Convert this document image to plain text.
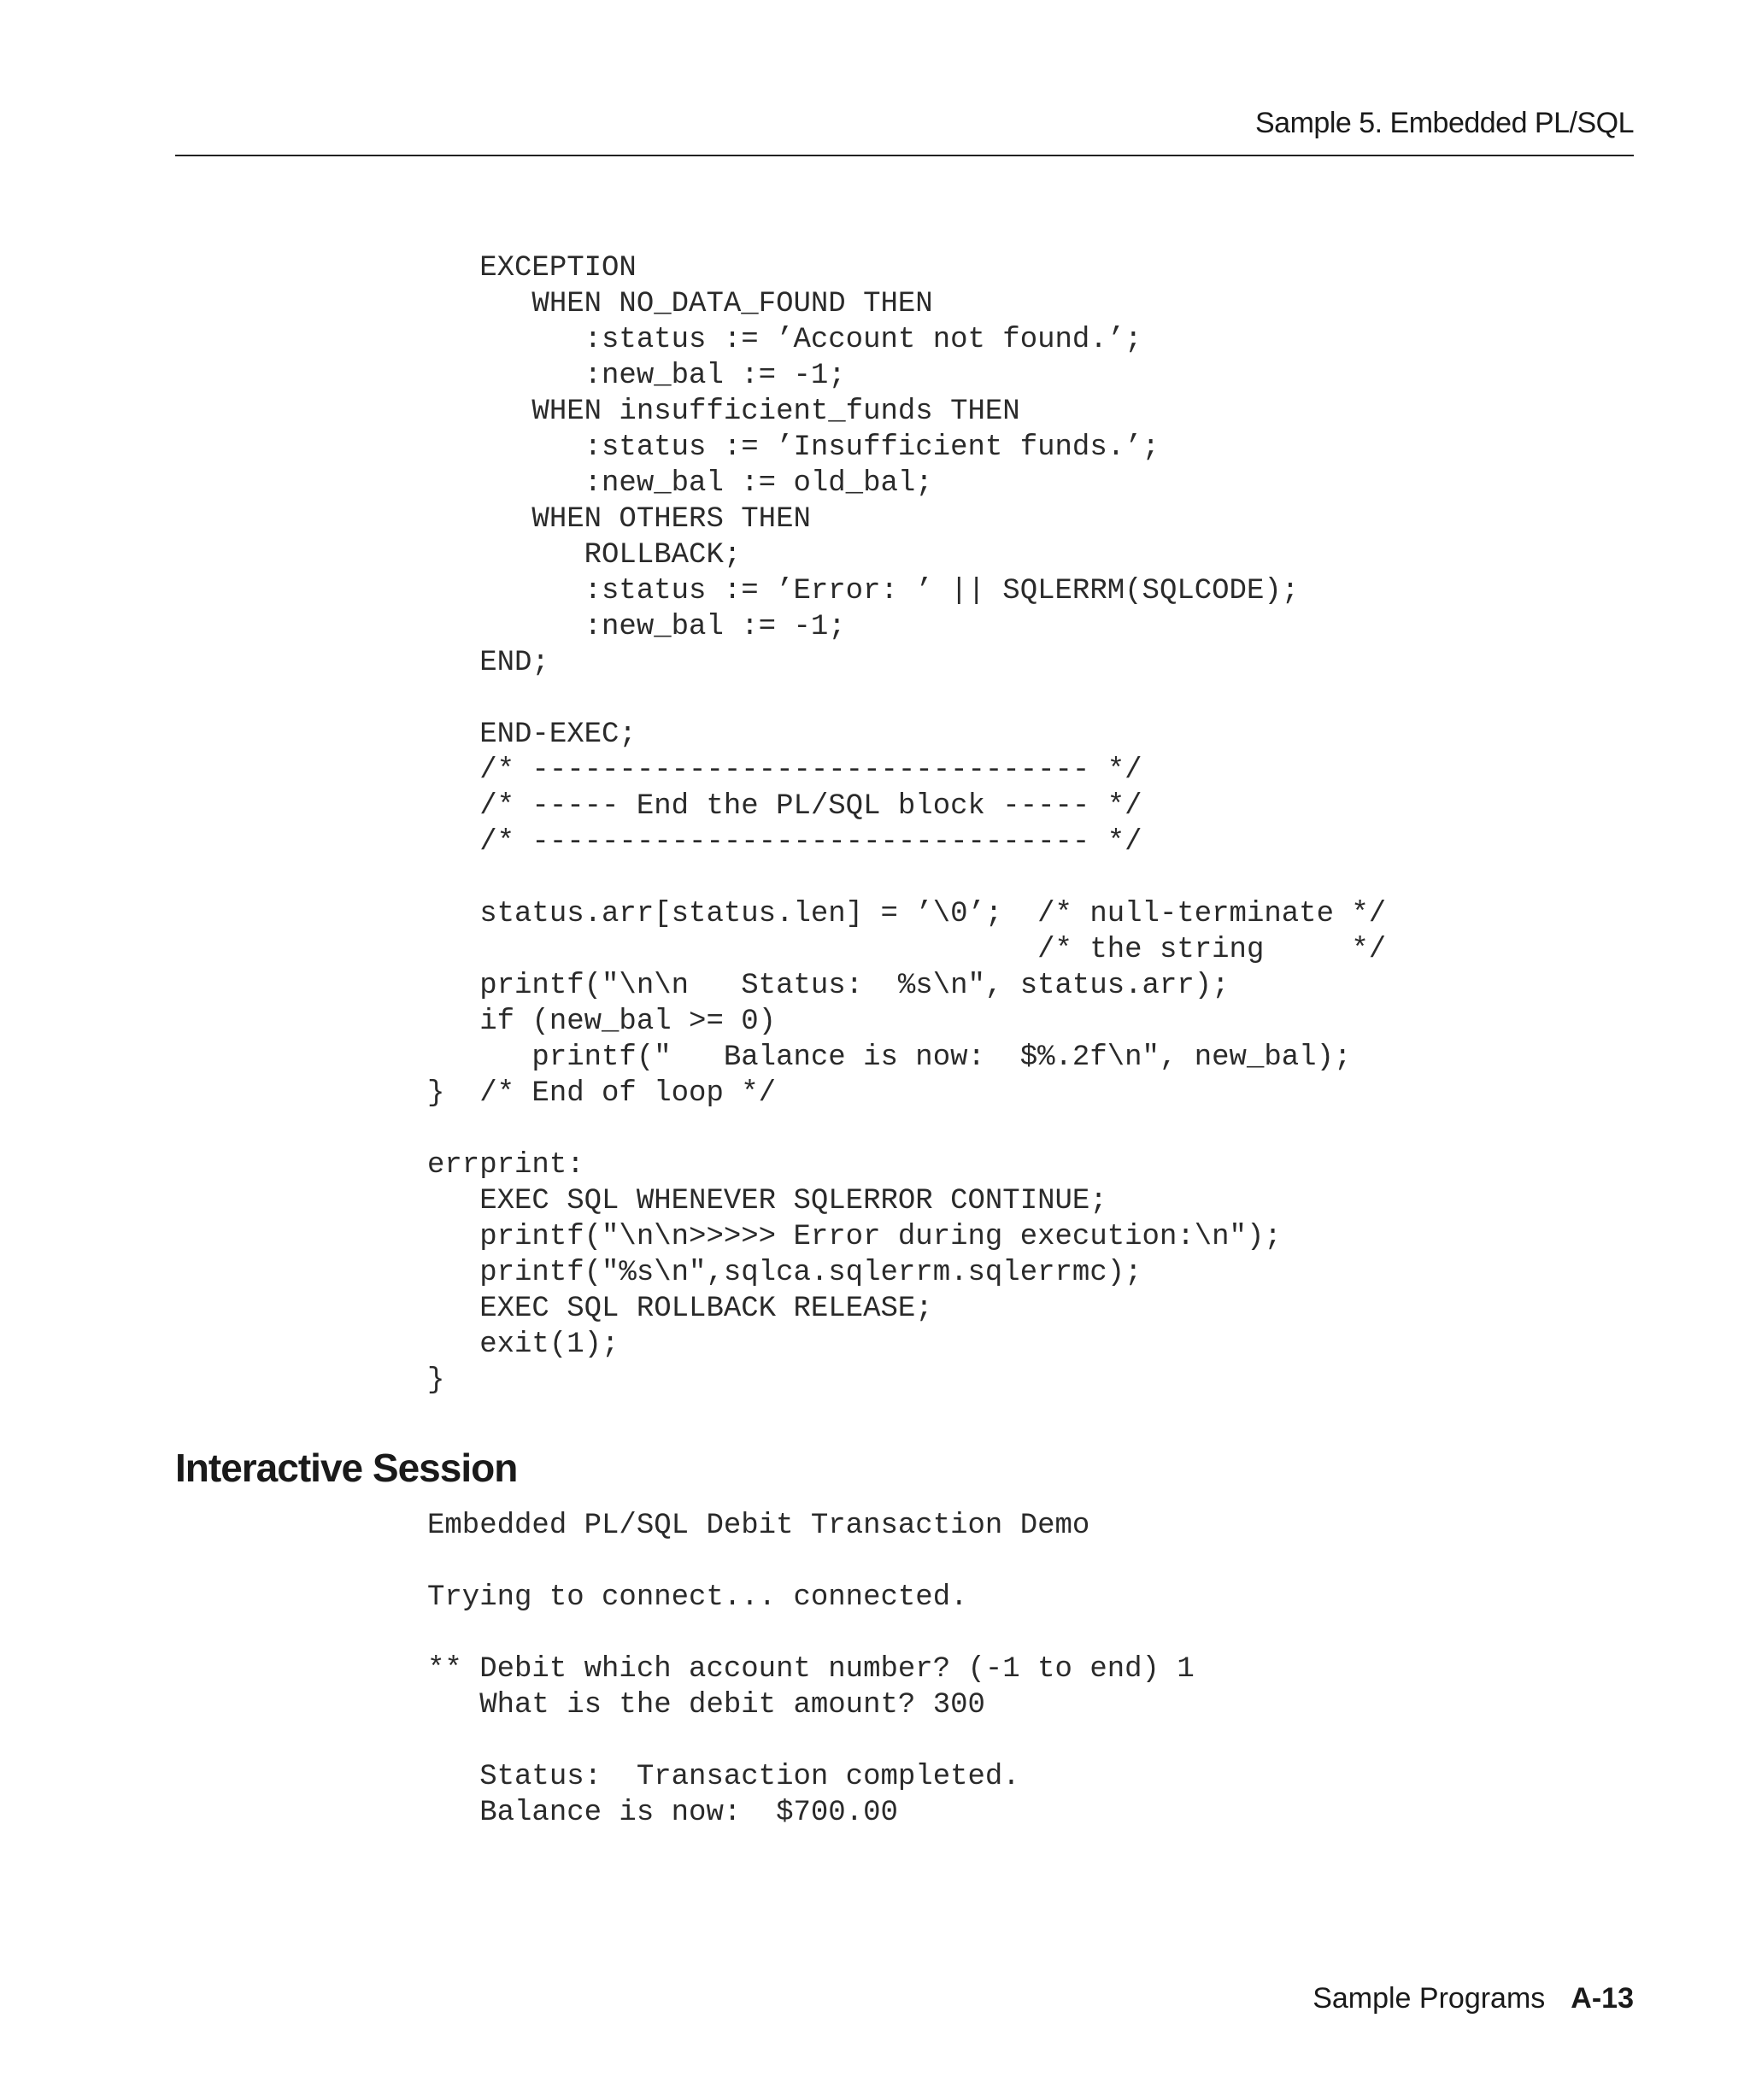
Sample 5. Embedded PL/SQL
EXCEPTION
WHEN NO_DATA_FOUND THEN
:status := ’Account not found.’;
:new_bal := -1;
WHEN insufficient_funds THEN
:status := ’Insufficient funds.’;
:new_bal := old_bal;
WHEN OTHERS THEN
ROLLBACK;
:status := ’Error: ’ || SQLERRM(SQLCODE);
:new_bal := -1;
END;

END-EXEC;
/* -------------------------------- */
/* ----- End the PL/SQL block ----- */
/* -------------------------------- */

status.arr[status.len] = ’\0’;  /* null-terminate */
/* the string     */
printf("\n\n   Status:  %s\n", status.arr);
if (new_bal >= 0)
printf("   Balance is now:  $%.2f\n", new_bal);
}  /* End of loop */

errprint:
EXEC SQL WHENEVER SQLERROR CONTINUE;
printf("\n\n>>>>> Error during execution:\n");
printf("%s\n",sqlca.sqlerrm.sqlerrmc);
EXEC SQL ROLLBACK RELEASE;
exit(1);
}
Interactive Session
Embedded PL/SQL Debit Transaction Demo

Trying to connect... connected.

** Debit which account number? (-1 to end) 1
What is the debit amount? 300

Status:  Transaction completed.
Balance is now:  $700.00
Sample Programs A-13
